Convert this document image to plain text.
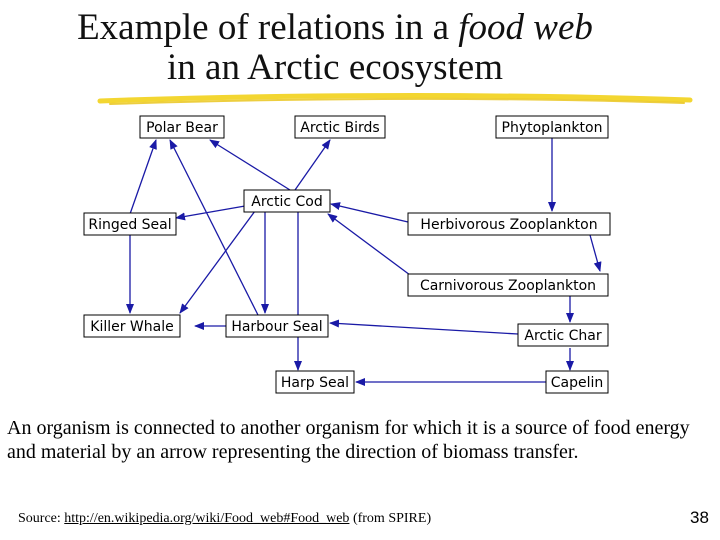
Example of relations in a food web
in an Arctic ecosystem
Polar Bear	Arctic Birds	Phytoplankton
Arctic Cod
Ringed Seal	Herbivorous Zooplankton
Carnivorous Zooplankton
Killer Whale	Harbour Seal
Arctic Char
Harp Seal	Capelin
An organism is connected to another organism for which it is a source of food energy and material by an arrow representing the direction of biomass transfer.
Source: http://en.wikipedia.org/wiki/Food_web#Food_web (from SPIRE)	38
